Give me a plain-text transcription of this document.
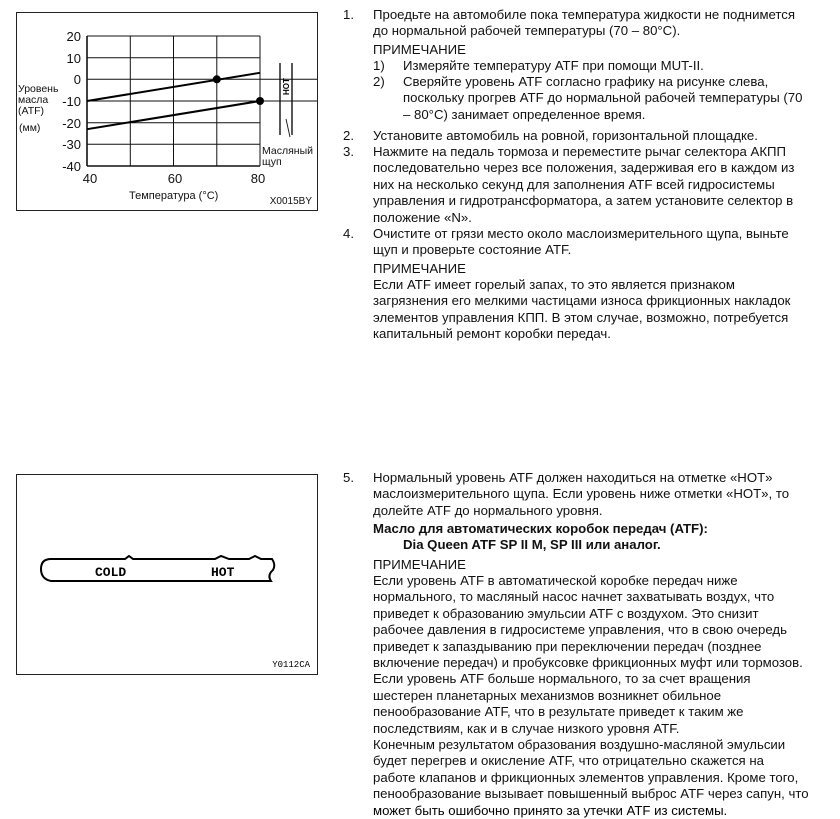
HOT
20
10
0
-10
-20
-30
-40
40	60	80
Уровень
масла
(ATF)
(мм)
Температура (°C)
Масляный
щуп
X0015BY
COLD	HOT
Y0112CA
1. Проедьте на автомобиле пока температура жидкости не поднимется

до нормальной рабочей температуры (70 – 80°C).

ПРИМЕЧАНИЕ

1) Измеряйте температуру ATF при помощи MUT-II.

2) Сверяйте уровень ATF согласно графику на рисунке слева,

поскольку прогрев ATF до нормальной рабочей температуры (70

– 80°C) занимает определенное время.

2. Установите автомобиль на ровной, горизонтальной площадке.

3. Нажмите на педаль тормоза и переместите рычаг селектора АКПП

последовательно через все положения, задерживая его в каждом из

них на несколько секунд для заполнения ATF всей гидросистемы

управления и гидротрансформатора, а затем установите селектор в

положение «N».

4. Очистите от грязи место около маслоизмерительного щупа, выньте

щуп и проверьте состояние ATF.

ПРИМЕЧАНИЕ

Если ATF имеет горелый запах, то это является признаком

загрязнения его мелкими частицами износа фрикционных накладок

элементов управления КПП. В этом случае, возможно, потребуется

капитальный ремонт коробки передач.

5. Нормальный уровень ATF должен находиться на отметке «HOT»

маслоизмерительного щупа. Если уровень ниже отметки «HOT», то

долейте ATF до нормального уровня.

Масло для автоматических коробок передач (ATF):

Dia Queen ATF SP II M, SP III или аналог.

ПРИМЕЧАНИЕ

Если уровень ATF в автоматической коробке передач ниже

нормального, то масляный насос начнет захватывать воздух, что

приведет к образованию эмульсии ATF с воздухом. Это снизит

рабочее давления в гидросистеме управления, что в свою очередь

приведет к запаздыванию при переключении передач (позднее

включение передач) и пробуксовке фрикционных муфт или тормозов.

Если уровень ATF больше нормального, то за счет вращения

шестерен планетарных механизмов возникнет обильное

пенообразование ATF, что в результате приведет к таким же

последствиям, как и в случае низкого уровня ATF.

Конечным результатом образования воздушно-масляной эмульсии

будет перегрев и окисление ATF, что отрицательно скажется на

работе клапанов и фрикционных элементов управления. Кроме того,

пенообразование вызывает повышенный выброс ATF через сапун, что

может быть ошибочно принято за утечки ATF из системы.
